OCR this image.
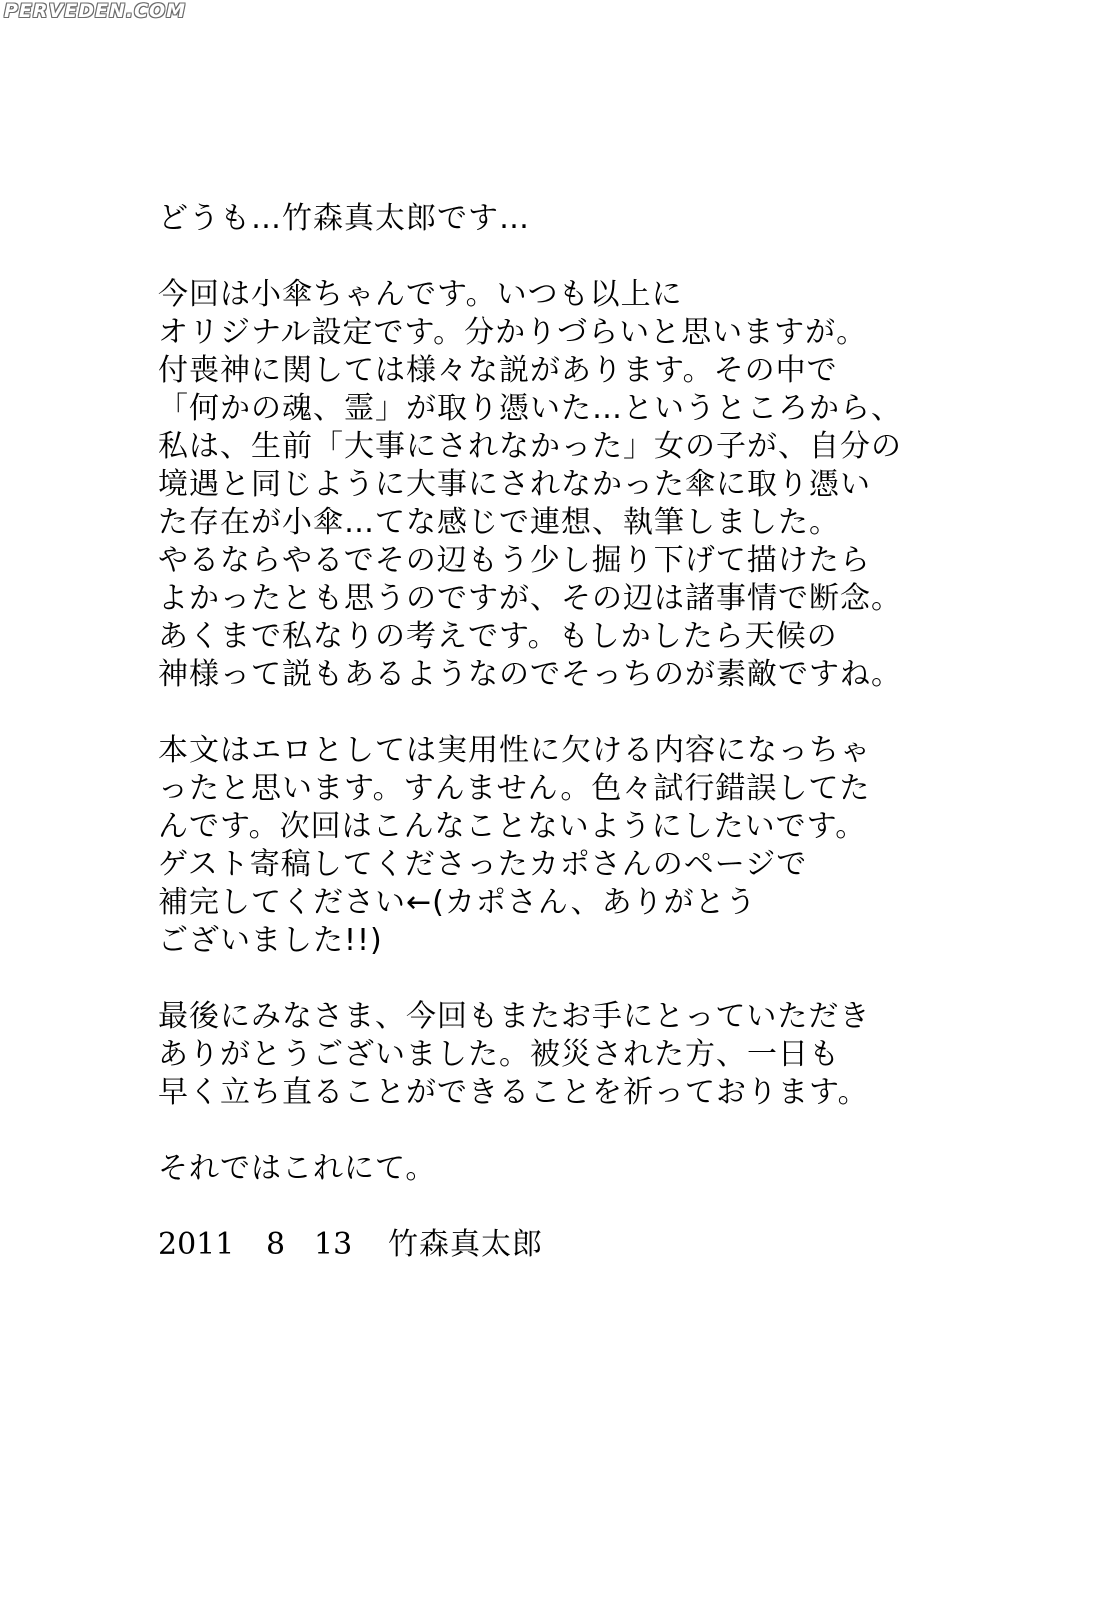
PERVEDEN.COM
どうも…竹森真太郎です…
今回は小傘ちゃんです。いつも以上に
オリジナル設定です。分かりづらいと思いますが。
付喪神に関しては様々な説があります。その中で
「何かの魂、霊」が取り憑いた…というところから、
私は、生前「大事にされなかった」女の子が、自分の
境遇と同じように大事にされなかった傘に取り憑い
た存在が小傘…てな感じで連想、執筆しました。
やるならやるでその辺もう少し掘り下げて描けたら
よかったとも思うのですが、その辺は諸事情で断念。
あくまで私なりの考えです。もしかしたら天候の
神様って説もあるようなのでそっちのが素敵ですね。
本文はエロとしては実用性に欠ける内容になっちゃ
ったと思います。すんません。色々試行錯誤してた
んです。次回はこんなことないようにしたいです。
ゲスト寄稿してくださったカポさんのページで
補完してください←(カポさん、ありがとう
ございました!!)
最後にみなさま、今回もまたお手にとっていただき
ありがとうございました。被災された方、一日も
早く立ち直ることができることを祈っております。
それではこれにて。
2011	8 13	竹森真太郎
